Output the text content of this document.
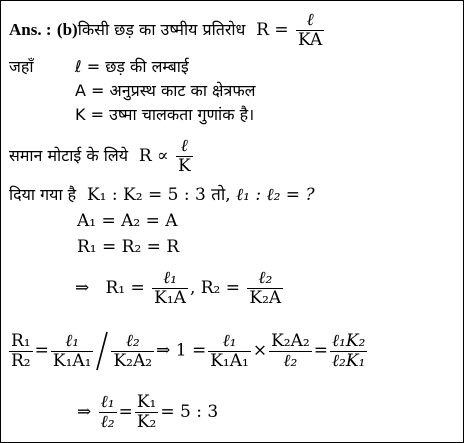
Ans. : (b)किसी छड़ का उष्मीय प्रतिरोध $R = \frac{\text{ℓ}}{KA}$
जहाँ	ℓ = छड़ की लम्बाई
A = अनुप्रस्थ काट का क्षेत्रफल
K = उष्मा चालकता गुणांक है।
समान मोटाई के लिये $R \propto \frac{\text{ℓ}}{K}$
दिया गया है K₁ : K₂ = 5 : 3 तो, ℓ₁ : ℓ₂ = ?
A₁ = A₂ = A
R₁ = R₂ = R
⇒ $R_1 = \frac{\text{ℓ₁}}{\text{K₁A}}$ , $R_2 = \frac{\text{ℓ₂}}{\text{K₂A}}$
$\frac{\text{R₁}}{\text{R₂}} = \frac{\text{ℓ₁}}{\text{K₁A₁}} \frac{\text{ℓ₂}}{\text{K₂A₂}}$ ⇒ $1 = \frac{\text{ℓ₁}}{\text{K₁A₁}} \times \frac{\text{K₂A₂}}{\text{ℓ₂}} = \frac{\text{ℓ₁K₂}}{\text{ℓ₂K₁}}$
⇒ $\frac{\text{ℓ₁}}{\text{ℓ₂}} = \frac{\text{K₁}}{\text{K₂}} = 5$ : 3
